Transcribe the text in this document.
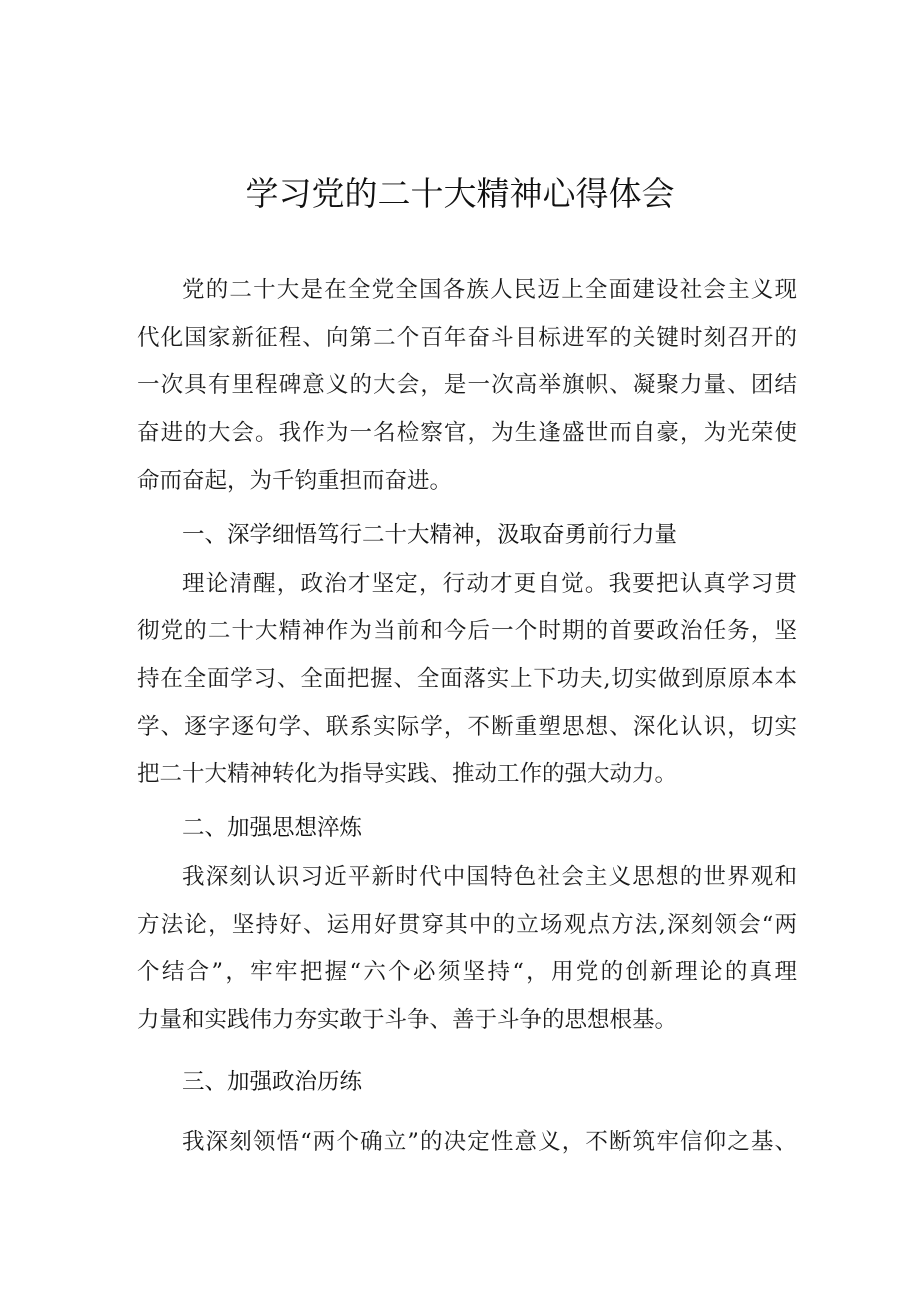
学习党的二十大精神心得体会
党的二十大是在全党全国各族人民迈上全面建设社会主义现
代化国家新征程、向第二个百年奋斗目标进军的关键时刻召开的
一次具有里程碑意义的大会，是一次高举旗帜、凝聚力量、团结
奋进的大会。我作为一名检察官，为生逢盛世而自豪，为光荣使
命而奋起，为千钧重担而奋进。
一、深学细悟笃行二十大精神，汲取奋勇前行力量
理论清醒，政治才坚定，行动才更自觉。我要把认真学习贯
彻党的二十大精神作为当前和今后一个时期的首要政治任务，坚
持在全面学习、全面把握、全面落实上下功夫,切实做到原原本本
学、逐字逐句学、联系实际学，不断重塑思想、深化认识，切实
把二十大精神转化为指导实践、推动工作的强大动力。
二、加强思想淬炼
我深刻认识习近平新时代中国特色社会主义思想的世界观和
方法论，坚持好、运用好贯穿其中的立场观点方法,深刻领会“两
个结合”，牢牢把握“六个必须坚持“，用党的创新理论的真理
力量和实践伟力夯实敢于斗争、善于斗争的思想根基。
三、加强政治历练
我深刻领悟“两个确立”的决定性意义，不断筑牢信仰之基、
